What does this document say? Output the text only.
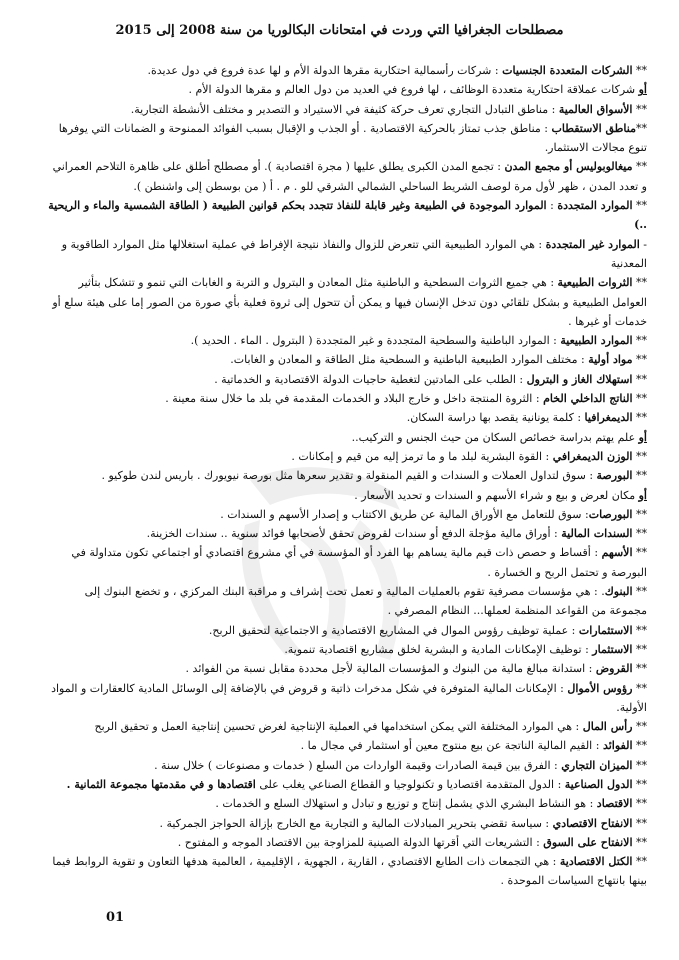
مصطلحات الجغرافيا التي وردت في امتحانات البكالوريا من سنة 2008 إلى 2015

** الشركات المتعددة الجنسيات : شركات رأسمالية احتكارية مقرها الدولة الأم و لها عدة فروع في دول عديدة.
أو شركات عملاقة احتكارية متعددة الوظائف ، لها فروع في العديد من دول العالم و مقرها الدولة الأم .

** الأسواق العالمية : مناطق التبادل التجاري تعرف حركة كثيفة في الاستيراد و التصدير و مختلف الأنشطة التجارية.

**مناطق الاستقطاب : مناطق جذب تمتاز بالحركية الاقتصادية . أو الجذب و الإقبال بسبب الفوائد الممنوحة و الضمانات التي يوفرها تنوع مجالات الاستثمار.

** ميغالوبوليس أو مجمع المدن : تجمع المدن الكبرى يطلق عليها ( مجرة اقتصادية ). أو مصطلح أطلق على ظاهرة التلاحم العمراني و تعدد المدن ، ظهر لأول مرة لوصف الشريط الساحلي الشمالي الشرقي للو . م . أ ( من بوسطن إلى واشنطن ).

** الموارد المتجددة : الموارد الموجودة في الطبيعة وغير قابلة للنفاذ تتجدد بحكم قوانين الطبيعة ( الطاقة الشمسية والماء و الريحية ..)

- الموارد غير المتجددة : هي الموارد الطبيعية التي تتعرض للزوال والنفاذ نتيجة الإفراط في عملية استغلالها مثل الموارد الطاقوية و المعدنية

** الثروات الطبيعية : هي جميع الثروات السطحية و الباطنية مثل المعادن و البترول و التربة و الغابات التي تنمو و تتشكل بتأثير العوامل الطبيعية و بشكل تلقائي دون تدخل الإنسان فيها و يمكن أن تتحول إلى ثروة فعلية بأي صورة من الصور إما على هيئة سلع أو خدمات أو غيرها .

** الموارد الطبيعية : الموارد الباطنية والسطحية المتجددة و غير المتجددة ( البترول . الماء . الحديد ).

** مواد أولية : مختلف الموارد الطبيعية الباطنية و السطحية مثل الطاقة و المعادن و الغابات.

** استهلاك الغاز و البترول : الطلب على المادتين لتغطية حاجيات الدولة الاقتصادية و الخدماتية .

** الناتج الداخلي الخام : الثروة المنتجة داخل و خارج البلاد و الخدمات المقدمة في بلد ما خلال سنة معينة .

** الديمغرافيا : كلمة يونانية يقصد بها دراسة السكان.
أو علم يهتم بدراسة خصائص السكان من حيث الجنس و التركيب..

** الوزن الديمغرافي : القوة البشرية لبلد ما و ما ترمز إليه من قيم و إمكانات .

** البورصة : سوق لتداول العملات و السندات و القيم المنقولة و تقدير سعرها مثل بورصة نيويورك . باريس لندن طوكيو .
أو مكان لعرض و بيع و شراء الأسهم و السندات و تحديد الأسعار .

** البورصات: سوق للتعامل مع الأوراق المالية عن طريق الاكتتاب و إصدار الأسهم و السندات .

** السندات المالية : أوراق مالية مؤجلة الدفع أو سندات لقروض تحقق لأصحابها فوائد سنوية .. سندات الخزينة.

** الأسهم : أقساط و حصص ذات قيم مالية يساهم بها الفرد أو المؤسسة في أي مشروع اقتصادي أو اجتماعي تكون متداولة في البورصة و تحتمل الربح و الخسارة .

** البنوك. : هي مؤسسات مصرفية تقوم بالعمليات المالية و تعمل تحت إشراف و مراقبة البنك المركزي ، و تخضع البنوك إلى مجموعة من القواعد المنظمة لعملها... النظام المصرفي .

** الاستثمارات : عملية توظيف رؤوس الموال في المشاريع الاقتصادية و الاجتماعية لتحقيق الربح.

** الاستثمار : توظيف الإمكانات المادية و البشرية لخلق مشاريع اقتصادية تنموية.

** القروض : استدانة مبالغ مالية من البنوك و المؤسسات المالية لأجل محددة مقابل نسبة من الفوائد .

** رؤوس الأموال : الإمكانات المالية المتوفرة في شكل مدخرات ذاتية و قروض في بالإضافة إلى الوسائل المادية كالعقارات و المواد الأولية.

** رأس المال : هي الموارد المختلفة التي يمكن استخدامها في العملية الإنتاجية لغرض تحسين إنتاجية العمل و تحقيق الربح

** الفوائد : القيم المالية الناتجة عن بيع منتوج معين أو استثمار في مجال ما .

** الميزان التجاري : الفرق بين قيمة الصادرات وقيمة الواردات من السلع ( خدمات و مصنوعات ) خلال سنة .

** الدول الصناعية : الدول المتقدمة اقتصاديا و تكنولوجيا و القطاع الصناعي يغلب على اقتصادها و في مقدمتها مجموعة الثمانية .

** الاقتصاد : هو النشاط البشري الذي يشمل إنتاج و توزيع و تبادل و استهلاك السلع و الخدمات .

** الانفتاح الاقتصادي : سياسة تقضي بتحرير المبادلات المالية و التجارية مع الخارج بإزالة الحواجز الجمركية .

** الانفتاح على السوق : التشريعات التي أقرتها الدولة الصينية للمزاوجة بين الاقتصاد الموجه و المفتوح .

** الكتل الاقتصادية : هي التجمعات ذات الطابع الاقتصادي ، القارية ، الجهوية ، الإقليمية ، العالمية هدفها التعاون و تقوية الروابط فيما بينها بانتهاج السياسات الموحدة .

01
